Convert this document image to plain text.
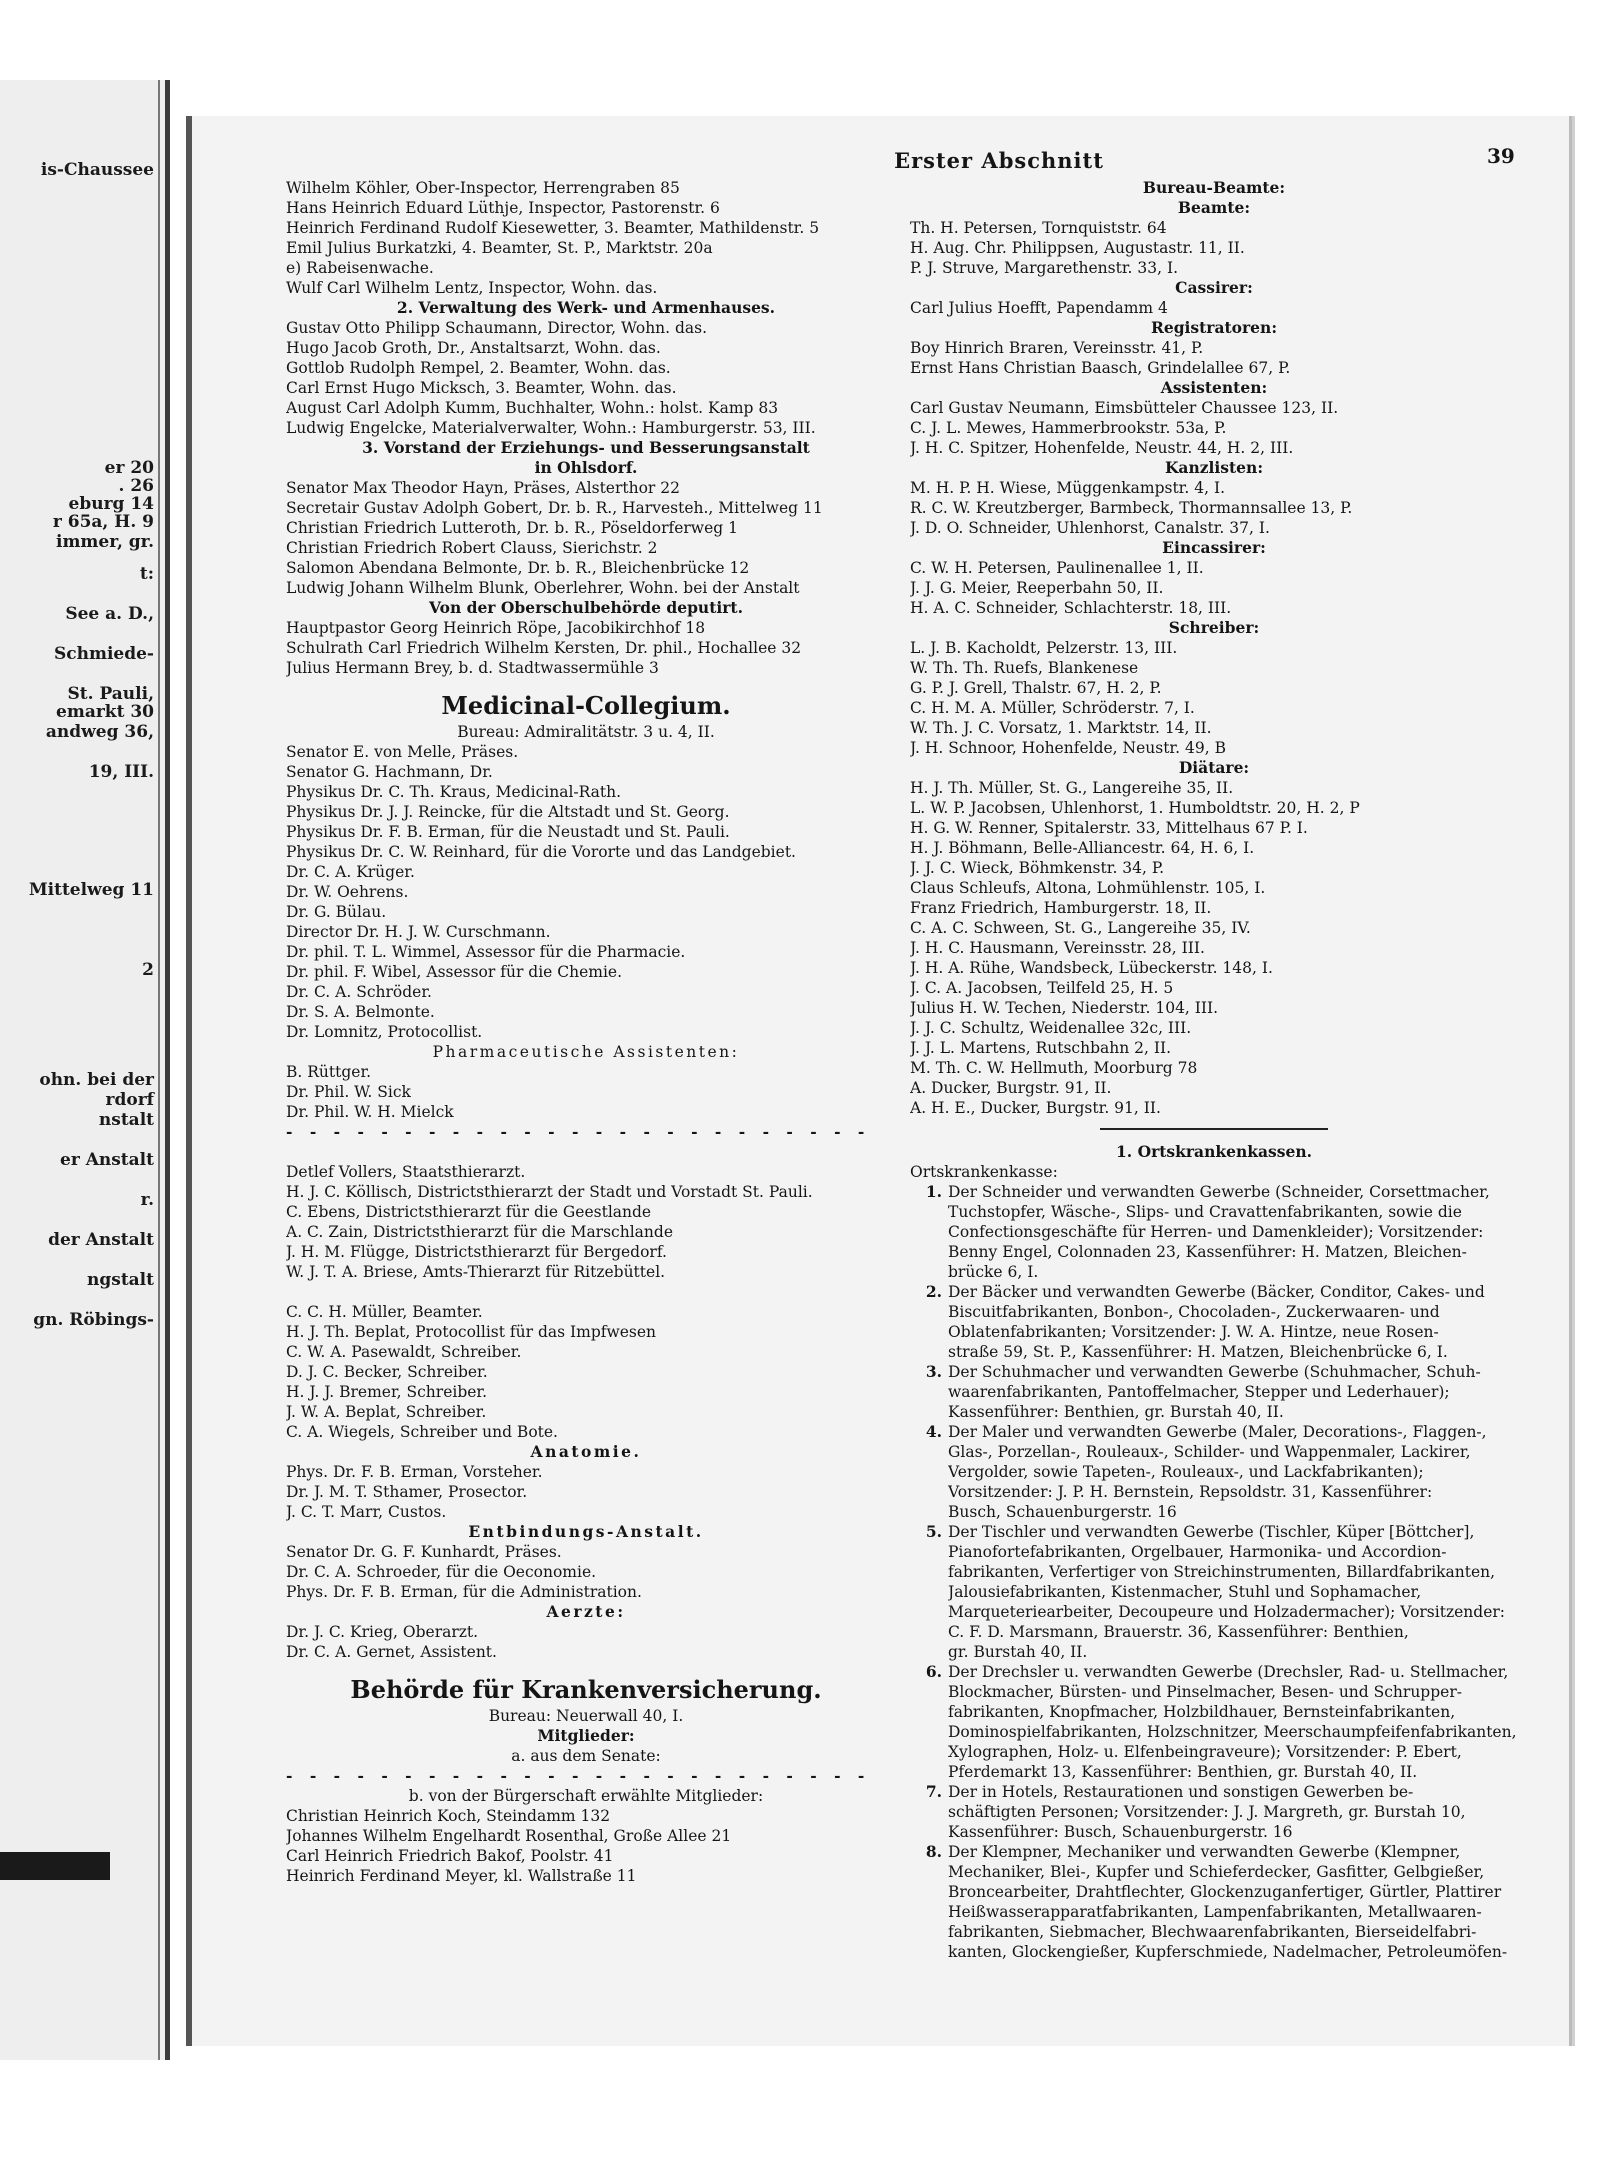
is-Chaussee
er 20
. 26
eburg 14
r 65a, H. 9
immer, gr.
t:
See a. D.,
Schmiede-
St. Pauli,
emarkt 30
andweg 36,
19, III.
Mittelweg 11
2
ohn. bei der
rdorf
nstalt
er Anstalt
r.
der Anstalt
ngstalt
gn. Röbings-
Erster Abschnitt	39
Wilhelm Köhler, Ober-Inspector, Herrengraben 85
Hans Heinrich Eduard Lüthje, Inspector, Pastorenstr. 6
Heinrich Ferdinand Rudolf Kiesewetter, 3. Beamter, Mathildenstr. 5
Emil Julius Burkatzki, 4. Beamter, St. P., Marktstr. 20a
e) Rabeisenwache.
Wulf Carl Wilhelm Lentz, Inspector, Wohn. das.
2. Verwaltung des Werk- und Armenhauses.
Gustav Otto Philipp Schaumann, Director, Wohn. das.
Hugo Jacob Groth, Dr., Anstaltsarzt, Wohn. das.
Gottlob Rudolph Rempel, 2. Beamter, Wohn. das.
Carl Ernst Hugo Micksch, 3. Beamter, Wohn. das.
August Carl Adolph Kumm, Buchhalter, Wohn.: holst. Kamp 83
Ludwig Engelcke, Materialverwalter, Wohn.: Hamburgerstr. 53, III.
3. Vorstand der Erziehungs- und Besserungsanstalt
in Ohlsdorf.
Senator Max Theodor Hayn, Präses, Alsterthor 22
Secretair Gustav Adolph Gobert, Dr. b. R., Harvesteh., Mittelweg 11
Christian Friedrich Lutteroth, Dr. b. R., Pöseldorferweg 1
Christian Friedrich Robert Clauss, Sierichstr. 2
Salomon Abendana Belmonte, Dr. b. R., Bleichenbrücke 12
Ludwig Johann Wilhelm Blunk, Oberlehrer, Wohn. bei der Anstalt
Von der Oberschulbehörde deputirt.
Hauptpastor Georg Heinrich Röpe, Jacobikirchhof 18
Schulrath Carl Friedrich Wilhelm Kersten, Dr. phil., Hochallee 32
Julius Hermann Brey, b. d. Stadtwassermühle 3
Medicinal-Collegium.
Bureau: Admiralitätstr. 3 u. 4, II.
Senator E. von Melle, Präses.
Senator G. Hachmann, Dr.
Physikus Dr. C. Th. Kraus, Medicinal-Rath.
Physikus Dr. J. J. Reincke, für die Altstadt und St. Georg.
Physikus Dr. F. B. Erman, für die Neustadt und St. Pauli.
Physikus Dr. C. W. Reinhard, für die Vororte und das Landgebiet.
Dr. C. A. Krüger.
Dr. W. Oehrens.
Dr. G. Bülau.
Director Dr. H. J. W. Curschmann.
Dr. phil. T. L. Wimmel, Assessor für die Pharmacie.
Dr. phil. F. Wibel, Assessor für die Chemie.
Dr. C. A. Schröder.
Dr. S. A. Belmonte.
Dr. Lomnitz, Protocollist.
Pharmaceutische Assistenten:
B. Rüttger.
Dr. Phil. W. Sick
Dr. Phil. W. H. Mielck
- - - - - - - - - - - - - - - - - - - - - - - - -
Detlef Vollers, Staatsthierarzt.
H. J. C. Köllisch, Districtsthierarzt der Stadt und Vorstadt St. Pauli.
C. Ebens, Districtsthierarzt für die Geestlande
A. C. Zain, Districtsthierarzt für die Marschlande
J. H. M. Flügge, Districtsthierarzt für Bergedorf.
W. J. T. A. Briese, Amts-Thierarzt für Ritzebüttel.
C. C. H. Müller, Beamter.
H. J. Th. Beplat, Protocollist für das Impfwesen
C. W. A. Pasewaldt, Schreiber.
D. J. C. Becker, Schreiber.
H. J. J. Bremer, Schreiber.
J. W. A. Beplat, Schreiber.
C. A. Wiegels, Schreiber und Bote.
Anatomie.
Phys. Dr. F. B. Erman, Vorsteher.
Dr. J. M. T. Sthamer, Prosector.
J. C. T. Marr, Custos.
Entbindungs-Anstalt.
Senator Dr. G. F. Kunhardt, Präses.
Dr. C. A. Schroeder, für die Oeconomie.
Phys. Dr. F. B. Erman, für die Administration.
Aerzte:
Dr. J. C. Krieg, Oberarzt.
Dr. C. A. Gernet, Assistent.
Behörde für Krankenversicherung.
Bureau: Neuerwall 40, I.
Mitglieder:
a. aus dem Senate:
- - - - - - - - - - - - - - - - - - - - - - - - -
b. von der Bürgerschaft erwählte Mitglieder:
Christian Heinrich Koch, Steindamm 132
Johannes Wilhelm Engelhardt Rosenthal, Große Allee 21
Carl Heinrich Friedrich Bakof, Poolstr. 41
Heinrich Ferdinand Meyer, kl. Wallstraße 11
Bureau-Beamte:
Beamte:
Th. H. Petersen, Tornquiststr. 64
H. Aug. Chr. Philippsen, Augustastr. 11, II.
P. J. Struve, Margarethenstr. 33, I.
Cassirer:
Carl Julius Hoefft, Papendamm 4
Registratoren:
Boy Hinrich Braren, Vereinsstr. 41, P.
Ernst Hans Christian Baasch, Grindelallee 67, P.
Assistenten:
Carl Gustav Neumann, Eimsbütteler Chaussee 123, II.
C. J. L. Mewes, Hammerbrookstr. 53a, P.
J. H. C. Spitzer, Hohenfelde, Neustr. 44, H. 2, III.
Kanzlisten:
M. H. P. H. Wiese, Müggenkampstr. 4, I.
R. C. W. Kreutzberger, Barmbeck, Thormannsallee 13, P.
J. D. O. Schneider, Uhlenhorst, Canalstr. 37, I.
Eincassirer:
C. W. H. Petersen, Paulinenallee 1, II.
J. J. G. Meier, Reeperbahn 50, II.
H. A. C. Schneider, Schlachterstr. 18, III.
Schreiber:
L. J. B. Kacholdt, Pelzerstr. 13, III.
W. Th. Th. Ruefs, Blankenese
G. P. J. Grell, Thalstr. 67, H. 2, P.
C. H. M. A. Müller, Schröderstr. 7, I.
W. Th. J. C. Vorsatz, 1. Marktstr. 14, II.
J. H. Schnoor, Hohenfelde, Neustr. 49, B
Diätare:
H. J. Th. Müller, St. G., Langereihe 35, II.
L. W. P. Jacobsen, Uhlenhorst, 1. Humboldtstr. 20, H. 2, P
H. G. W. Renner, Spitalerstr. 33, Mittelhaus 67 P. I.
H. J. Böhmann, Belle-Alliancestr. 64, H. 6, I.
J. J. C. Wieck, Böhmkenstr. 34, P.
Claus Schleufs, Altona, Lohmühlenstr. 105, I.
Franz Friedrich, Hamburgerstr. 18, II.
C. A. C. Schween, St. G., Langereihe 35, IV.
J. H. C. Hausmann, Vereinsstr. 28, III.
J. H. A. Rühe, Wandsbeck, Lübeckerstr. 148, I.
J. C. A. Jacobsen, Teilfeld 25, H. 5
Julius H. W. Techen, Niederstr. 104, III.
J. J. C. Schultz, Weidenallee 32c, III.
J. J. L. Martens, Rutschbahn 2, II.
M. Th. C. W. Hellmuth, Moorburg 78
A. Ducker, Burgstr. 91, II.
A. H. E., Ducker, Burgstr. 91, II.
1. Ortskrankenkassen.
Ortskrankenkasse:
1. Der Schneider und verwandten Gewerbe (Schneider, Corsettmacher,
Tuchstopfer, Wäsche-, Slips- und Cravattenfabrikanten, sowie die
Confectionsgeschäfte für Herren- und Damenkleider); Vorsitzender:
Benny Engel, Colonnaden 23, Kassenführer: H. Matzen, Bleichen-
brücke 6, I.
2. Der Bäcker und verwandten Gewerbe (Bäcker, Conditor, Cakes- und
Biscuitfabrikanten, Bonbon-, Chocoladen-, Zuckerwaaren- und
Oblatenfabrikanten; Vorsitzender: J. W. A. Hintze, neue Rosen-
straße 59, St. P., Kassenführer: H. Matzen, Bleichenbrücke 6, I.
3. Der Schuhmacher und verwandten Gewerbe (Schuhmacher, Schuh-
waarenfabrikanten, Pantoffelmacher, Stepper und Lederhauer);
Kassenführer: Benthien, gr. Burstah 40, II.
4. Der Maler und verwandten Gewerbe (Maler, Decorations-, Flaggen-,
Glas-, Porzellan-, Rouleaux-, Schilder- und Wappenmaler, Lackirer,
Vergolder, sowie Tapeten-, Rouleaux-, und Lackfabrikanten);
Vorsitzender: J. P. H. Bernstein, Repsoldstr. 31, Kassenführer:
Busch, Schauenburgerstr. 16
5. Der Tischler und verwandten Gewerbe (Tischler, Küper [Böttcher],
Pianofortefabrikanten, Orgelbauer, Harmonika- und Accordion-
fabrikanten, Verfertiger von Streichinstrumenten, Billardfabrikanten,
Jalousiefabrikanten, Kistenmacher, Stuhl und Sophamacher,
Marqueteriearbeiter, Decoupeure und Holzadermacher); Vorsitzender:
C. F. D. Marsmann, Brauerstr. 36, Kassenführer: Benthien,
gr. Burstah 40, II.
6. Der Drechsler u. verwandten Gewerbe (Drechsler, Rad- u. Stellmacher,
Blockmacher, Bürsten- und Pinselmacher, Besen- und Schrupper-
fabrikanten, Knopfmacher, Holzbildhauer, Bernsteinfabrikanten,
Dominospielfabrikanten, Holzschnitzer, Meerschaumpfeifenfabrikanten,
Xylographen, Holz- u. Elfenbeingraveure); Vorsitzender: P. Ebert,
Pferdemarkt 13, Kassenführer: Benthien, gr. Burstah 40, II.
7. Der in Hotels, Restaurationen und sonstigen Gewerben be-
schäftigten Personen; Vorsitzender: J. J. Margreth, gr. Burstah 10,
Kassenführer: Busch, Schauenburgerstr. 16
8. Der Klempner, Mechaniker und verwandten Gewerbe (Klempner,
Mechaniker, Blei-, Kupfer und Schieferdecker, Gasfitter, Gelbgießer,
Broncearbeiter, Drahtflechter, Glockenzuganfertiger, Gürtler, Plattirer
Heißwasserapparatfabrikanten, Lampenfabrikanten, Metallwaaren-
fabrikanten, Siebmacher, Blechwaarenfabrikanten, Bierseidelfabri-
kanten, Glockengießer, Kupferschmiede, Nadelmacher, Petroleumöfen-
